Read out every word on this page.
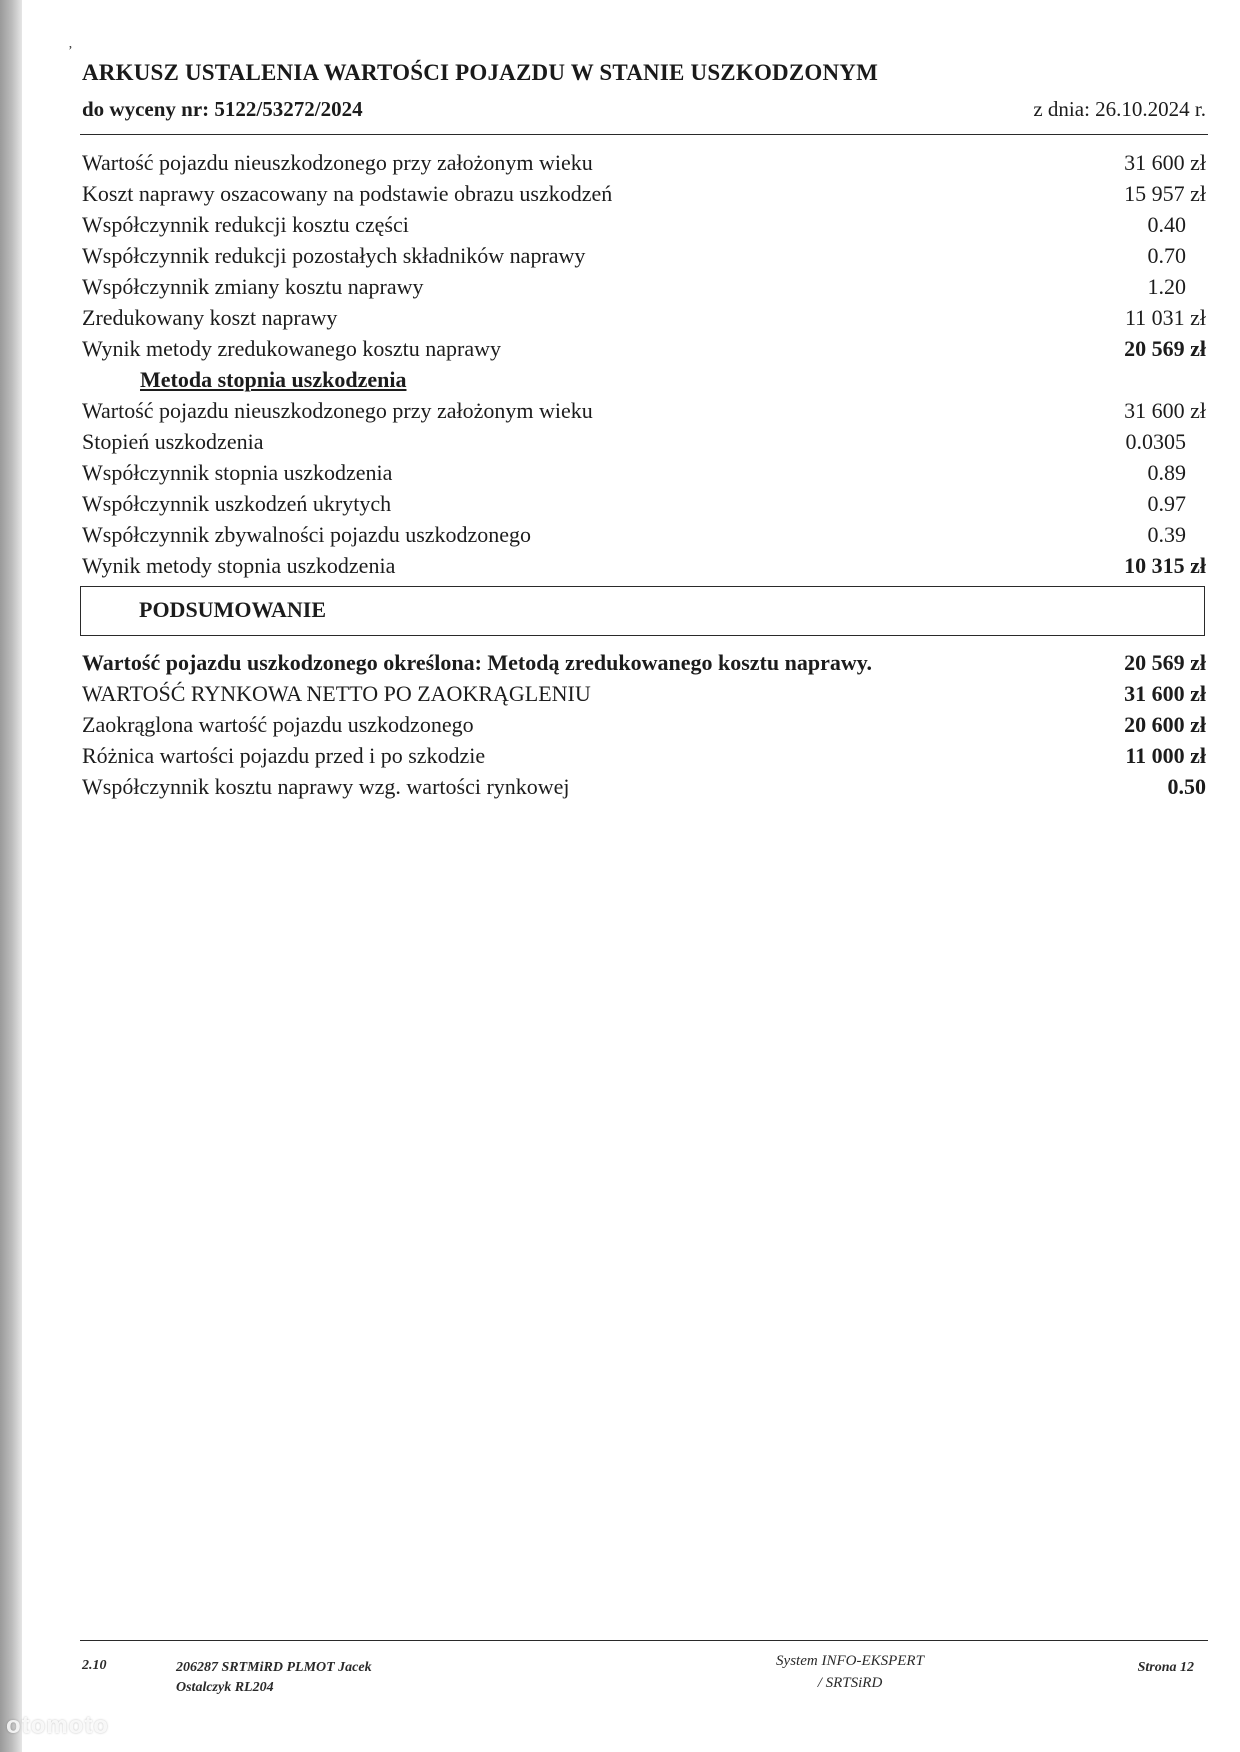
ʼ
ARKUSZ USTALENIA WARTOŚCI POJAZDU W STANIE USZKODZONYM
do wyceny nr: 5122/53272/2024	z dnia: 26.10.2024 r.
Wartość pojazdu nieuszkodzonego przy założonym wieku	31 600 zł
Koszt naprawy oszacowany na podstawie obrazu uszkodzeń	15 957 zł
Współczynnik redukcji kosztu części	0.40
Współczynnik redukcji pozostałych składników naprawy	0.70
Współczynnik zmiany kosztu naprawy	1.20
Zredukowany koszt naprawy	11 031 zł
Wynik metody zredukowanego kosztu naprawy	20 569 zł
Metoda stopnia uszkodzenia
Wartość pojazdu nieuszkodzonego przy założonym wieku	31 600 zł
Stopień uszkodzenia	0.0305
Współczynnik stopnia uszkodzenia	0.89
Współczynnik uszkodzeń ukrytych	0.97
Współczynnik zbywalności pojazdu uszkodzonego	0.39
Wynik metody stopnia uszkodzenia	10 315 zł
PODSUMOWANIE
Wartość pojazdu uszkodzonego określona: Metodą zredukowanego kosztu naprawy.	20 569 zł
WARTOŚĆ RYNKOWA NETTO PO ZAOKRĄGLENIU	31 600 zł
Zaokrąglona wartość pojazdu uszkodzonego	20 600 zł
Różnica wartości pojazdu przed i po szkodzie	11 000 zł
Współczynnik kosztu naprawy wzg. wartości rynkowej	0.50
2.10	206287 SRTMiRD PLMOT Jacek
Ostalczyk RL204
System INFO-EKSPERT
/ SRTSiRD
Strona 12
otomoto
